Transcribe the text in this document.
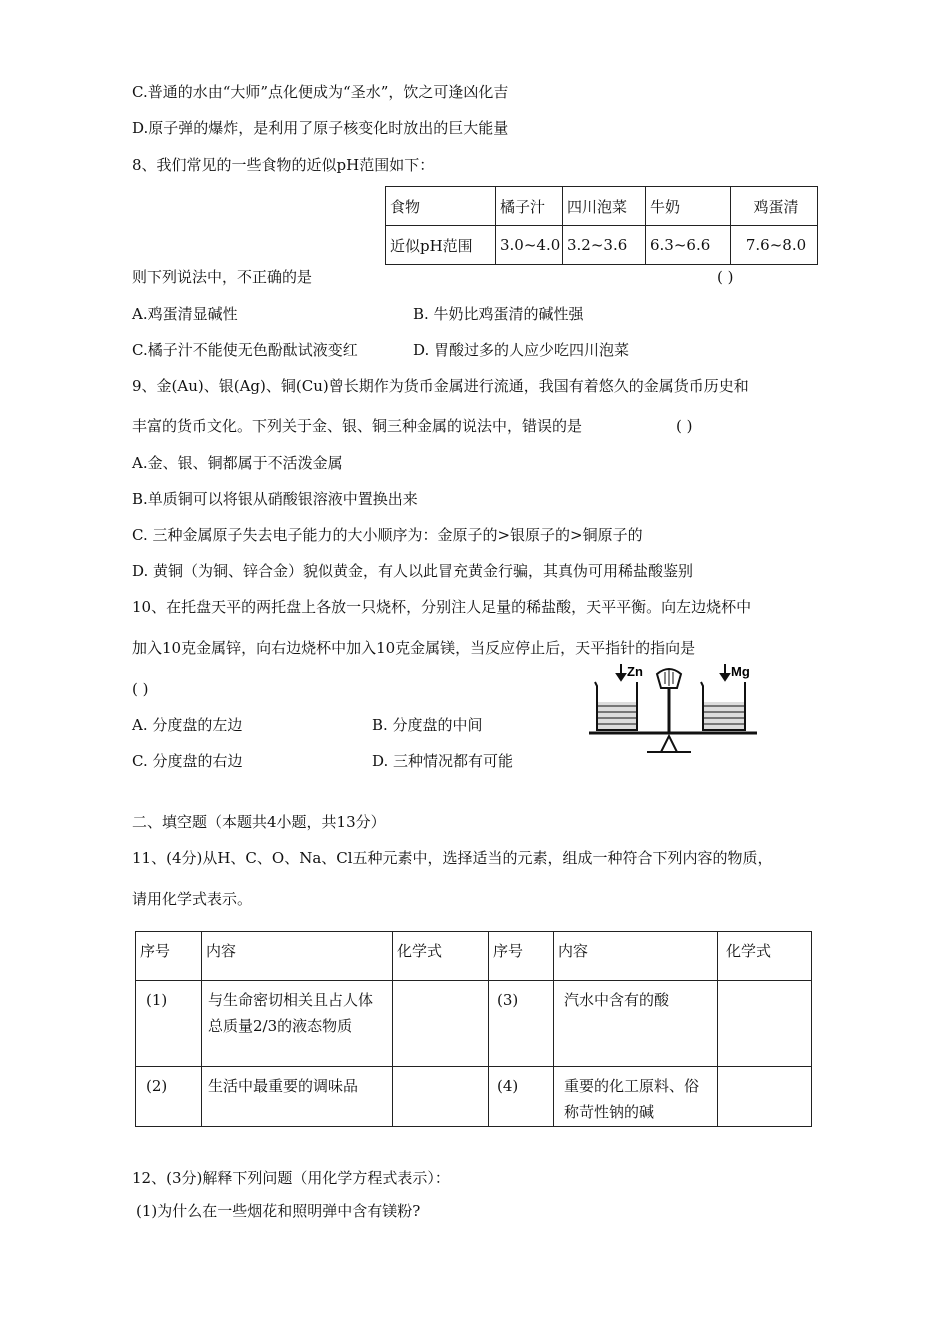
C.普通的水由“大师”点化便成为“圣水”，饮之可逢凶化吉
D.原子弹的爆炸，是利用了原子核变化时放出的巨大能量
8、我们常见的一些食物的近似pH范围如下：
食物	橘子汁	四川泡菜	牛奶	鸡蛋清
近似pH范围	3.0~4.0	3.2~3.6	6.3~6.6	7.6~8.0
则下列说法中，不正确的是	( )
A.鸡蛋清显碱性	B. 牛奶比鸡蛋清的碱性强
C.橘子汁不能使无色酚酞试液变红	D. 胃酸过多的人应少吃四川泡菜
9、金(Au)、银(Ag)、铜(Cu)曾长期作为货币金属进行流通，我国有着悠久的金属货币历史和
丰富的货币文化。下列关于金、银、铜三种金属的说法中，错误的是	( )
A.金、银、铜都属于不活泼金属
B.单质铜可以将银从硝酸银溶液中置换出来
C. 三种金属原子失去电子能力的大小顺序为：金原子的>银原子的>铜原子的
D. 黄铜（为铜、锌合金）貌似黄金，有人以此冒充黄金行骗，其真伪可用稀盐酸鉴别
10、在托盘天平的两托盘上各放一只烧杯，分别注人足量的稀盐酸，天平平衡。向左边烧杯中
加入10克金属锌，向右边烧杯中加入10克金属镁，当反应停止后，天平指针的指向是
( )
A. 分度盘的左边	B. 分度盘的中间
C. 分度盘的右边	D. 三种情况都有可能
Zn	Mg
二、填空题（本题共4小题，共13分）
11、(4分)从H、C、O、Na、Cl五种元素中，选择适当的元素，组成一种符合下列内容的物质，
请用化学式表示。
序号	内容	化学式	序号	内容	化学式
(1)	与生命密切相关且占人体总质量2/3的液态物质		(3)	汽水中含有的酸	
(2)	生活中最重要的调味品		(4)	重要的化工原料、俗称苛性钠的碱	
12、(3分)解释下列问题（用化学方程式表示）：
(1)为什么在一些烟花和照明弹中含有镁粉?
